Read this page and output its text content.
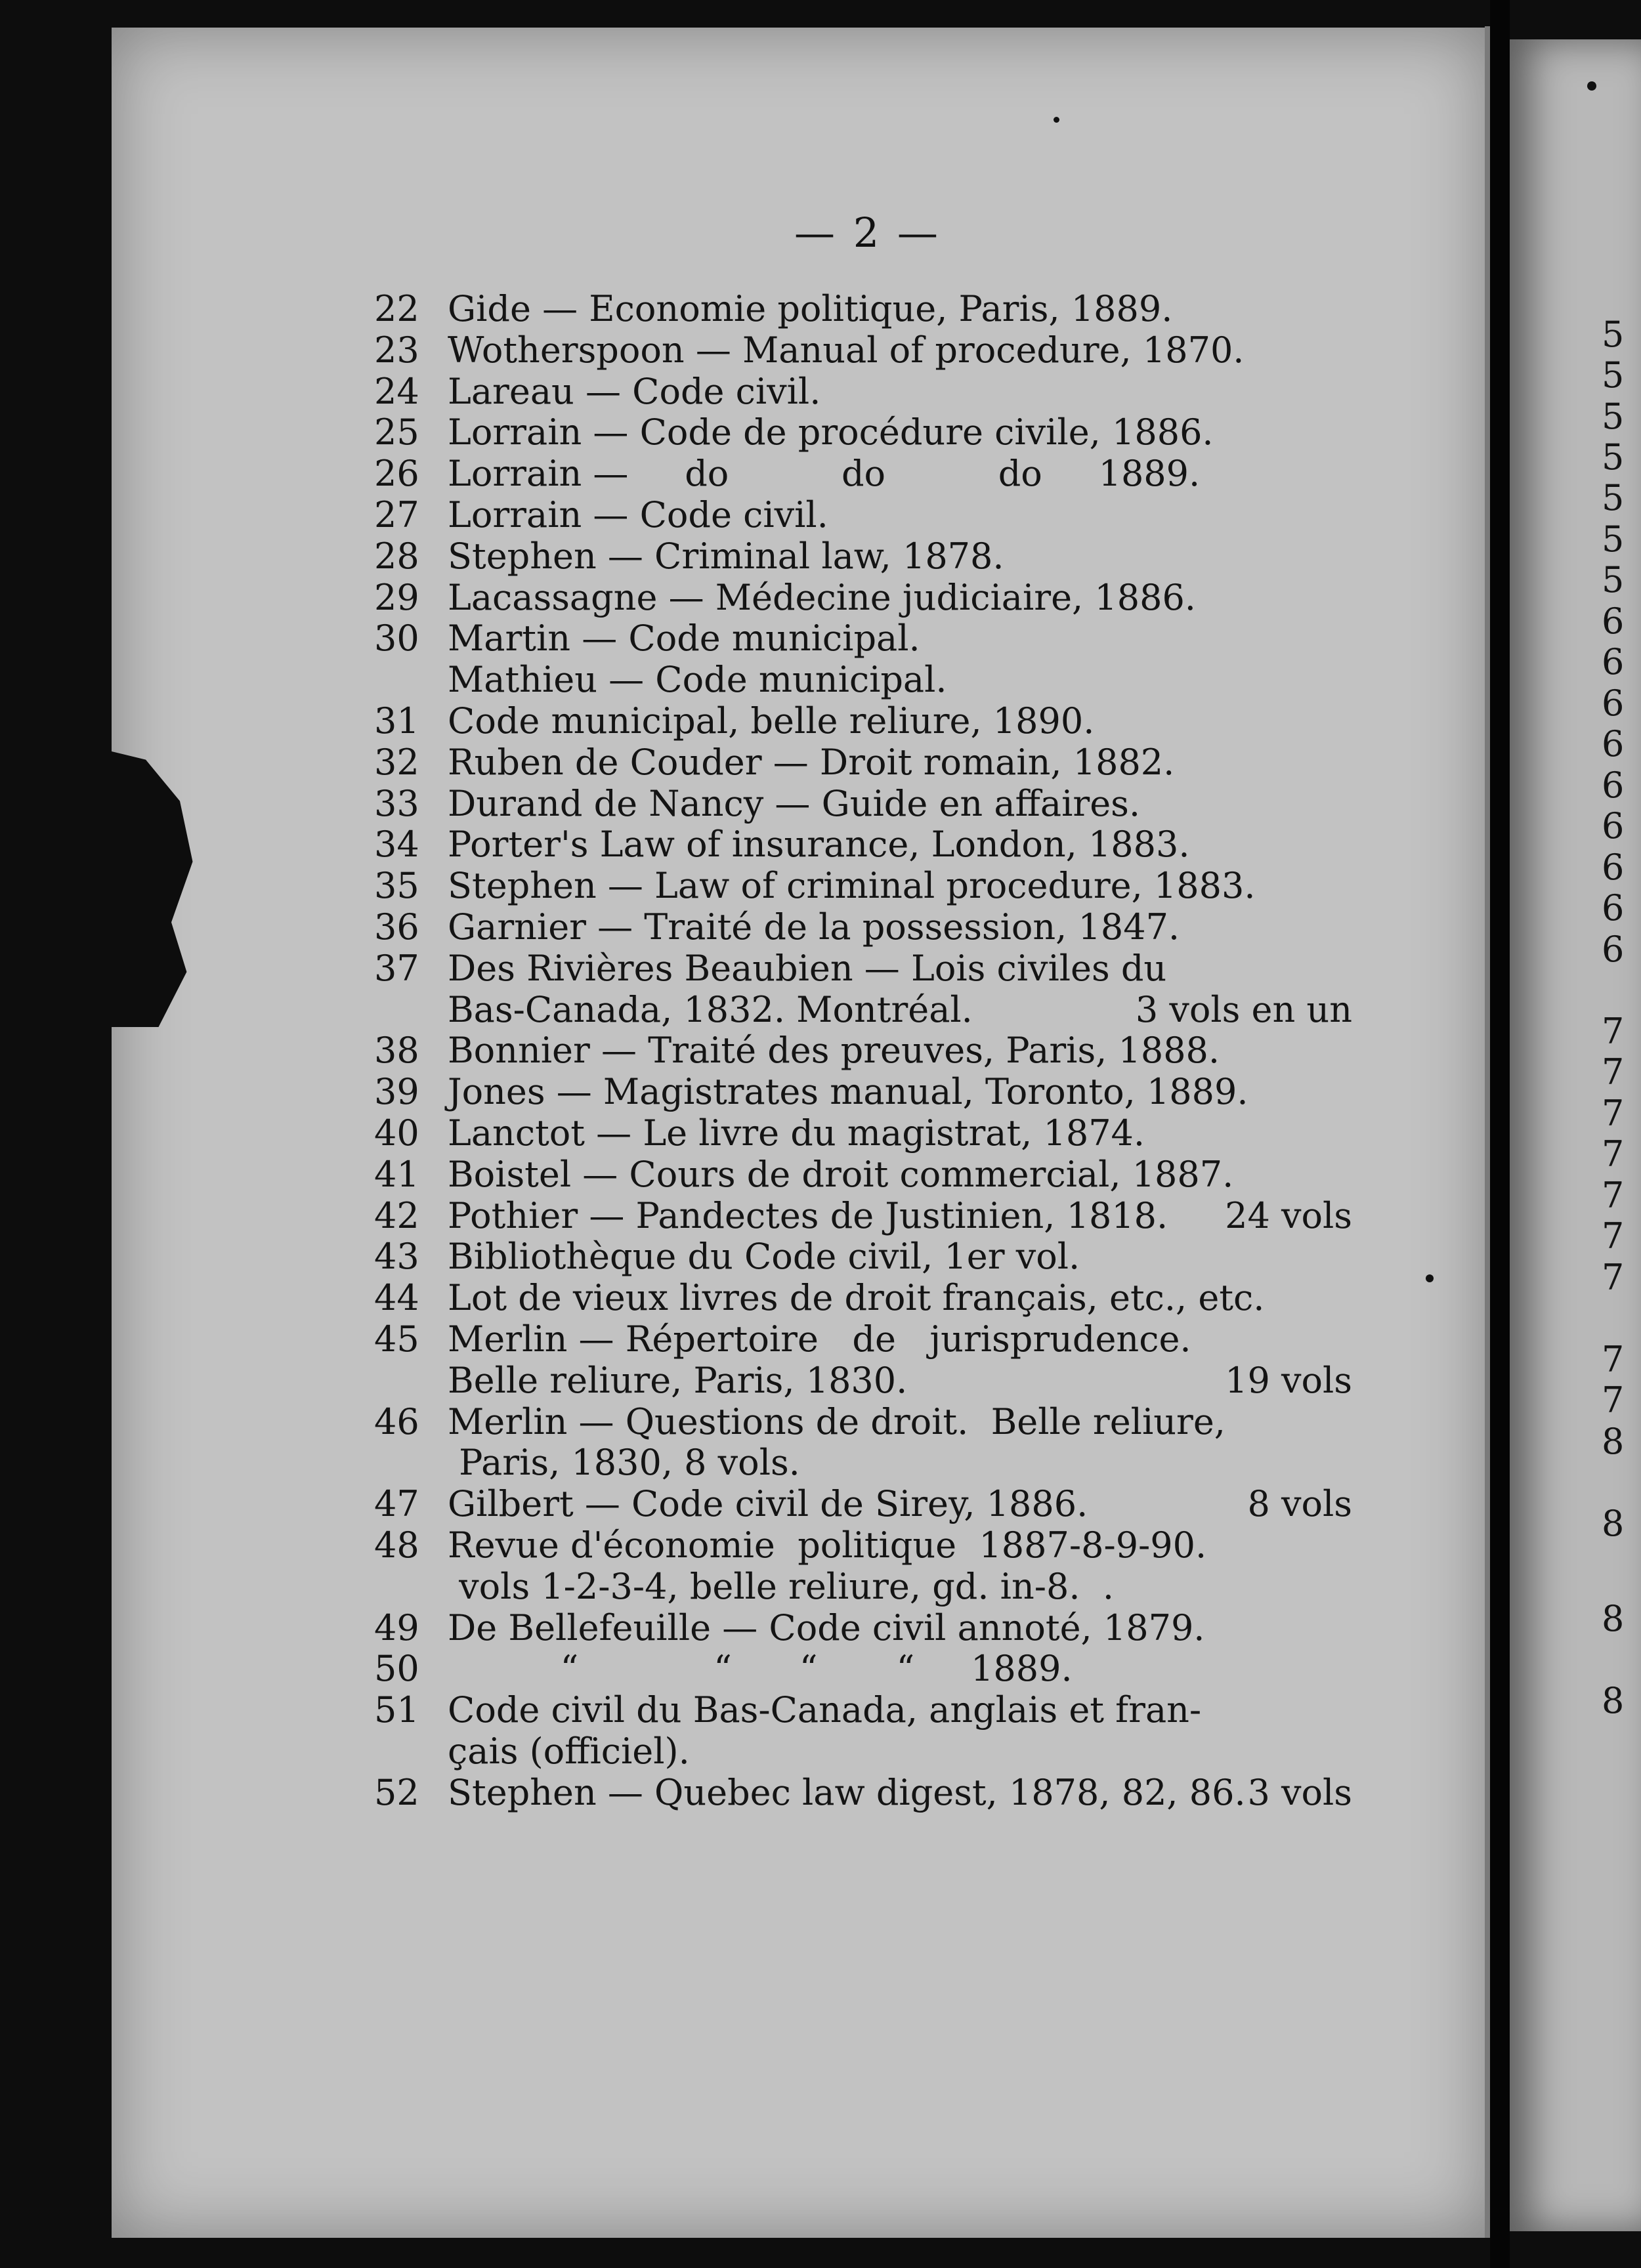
— 2 —
22 Gide — Economie politique, Paris, 1889.
23 Wotherspoon — Manual of procedure, 1870.
24 Lareau — Code civil.
25 Lorrain — Code de procédure civile, 1886.
26 Lorrain —     do          do          do     1889.
27 Lorrain — Code civil.
28 Stephen — Criminal law, 1878.
29 Lacassagne — Médecine judiciaire, 1886.
30 Martin — Code municipal.
Mathieu — Code municipal.
31 Code municipal, belle reliure, 1890.
32 Ruben de Couder — Droit romain, 1882.
33 Durand de Nancy — Guide en affaires.
34 Porter's Law of insurance, London, 1883.
35 Stephen — Law of criminal procedure, 1883.
36 Garnier — Traité de la possession, 1847.
37 Des Rivières Beaubien — Lois civiles du
Bas-Canada, 1832. Montréal.	3 vols en un
38 Bonnier — Traité des preuves, Paris, 1888.
39 Jones — Magistrates manual, Toronto, 1889.
40 Lanctot — Le livre du magistrat, 1874.
41 Boistel — Cours de droit commercial, 1887.
42 Pothier — Pandectes de Justinien, 1818.	24 vols
43 Bibliothèque du Code civil, 1er vol.
44 Lot de vieux livres de droit français, etc., etc.
45 Merlin — Répertoire   de   jurisprudence.
Belle reliure, Paris, 1830.	19 vols
46 Merlin — Questions de droit.  Belle reliure,
Paris, 1830, 8 vols.
47 Gilbert — Code civil de Sirey, 1886.	8 vols
48 Revue d'économie  politique  1887-8-9-90.
vols 1-2-3-4, belle reliure, gd. in-8.  .
49 De Bellefeuille — Code civil annoté, 1879.
50 “            “      “       “     1889.
51 Code civil du Bas-Canada, anglais et fran-
çais (officiel).
52 Stephen — Quebec law digest, 1878, 82, 86. 3 vols
5
5
5
5
5
5
5
6
6
6
6
6
6
6
6
6
7
7
7
7
7
7
7
7
7
8
8
8
8
